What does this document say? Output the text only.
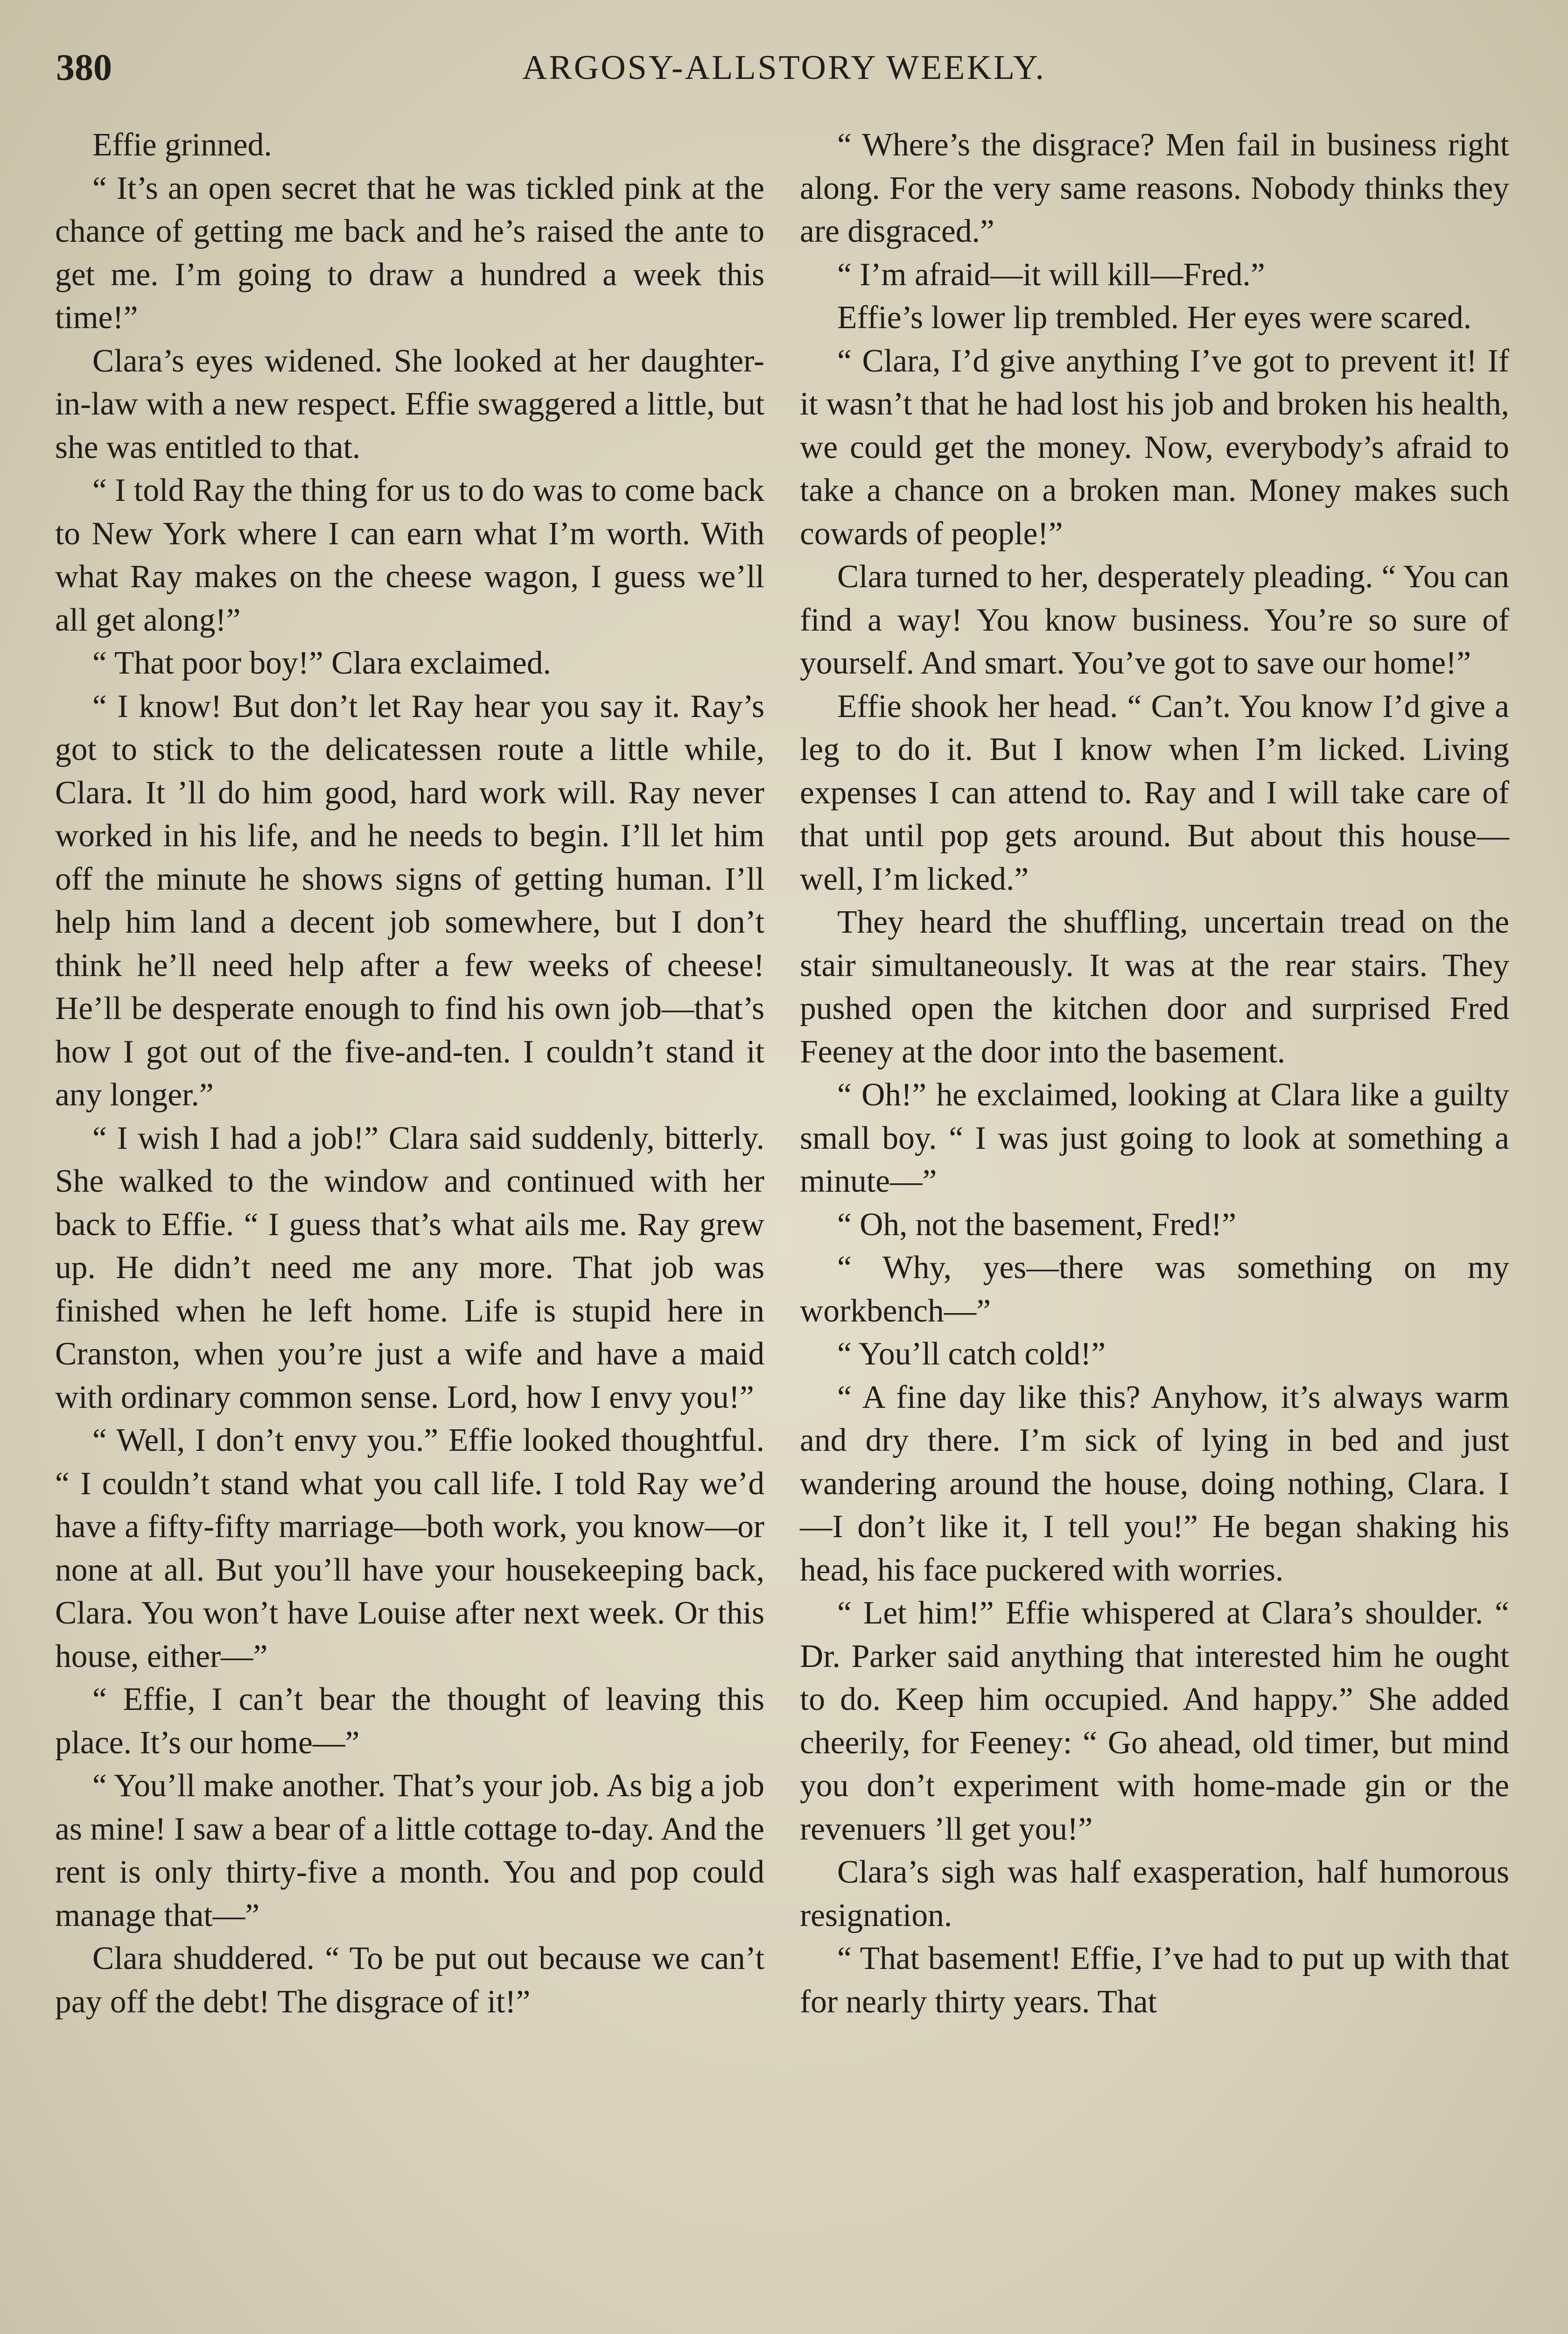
380	ARGOSY-ALLSTORY WEEKLY.

Effie grinned.

“ It’s an open secret that he was tickled pink at the chance of getting me back and he’s raised the ante to get me. I’m going to draw a hundred a week this time!”

Clara’s eyes widened. She looked at her daughter-in-law with a new respect. Effie swaggered a little, but she was entitled to that.

“ I told Ray the thing for us to do was to come back to New York where I can earn what I’m worth. With what Ray makes on the cheese wagon, I guess we’ll all get along!”

“ That poor boy!” Clara exclaimed.

“ I know! But don’t let Ray hear you say it. Ray’s got to stick to the delicatessen route a little while, Clara. It ’ll do him good, hard work will. Ray never worked in his life, and he needs to begin. I’ll let him off the minute he shows signs of getting human. I’ll help him land a decent job somewhere, but I don’t think he’ll need help after a few weeks of cheese! He’ll be desperate enough to find his own job—that’s how I got out of the five-and-ten. I couldn’t stand it any longer.”

“ I wish I had a job!” Clara said suddenly, bitterly. She walked to the window and continued with her back to Effie. “ I guess that’s what ails me. Ray grew up. He didn’t need me any more. That job was finished when he left home. Life is stupid here in Cranston, when you’re just a wife and have a maid with ordinary common sense. Lord, how I envy you!”

“ Well, I don’t envy you.” Effie looked thoughtful. “ I couldn’t stand what you call life. I told Ray we’d have a fifty-fifty marriage—both work, you know—or none at all. But you’ll have your housekeeping back, Clara. You won’t have Louise after next week. Or this house, either—”

“ Effie, I can’t bear the thought of leaving this place. It’s our home—”

“ You’ll make another. That’s your job. As big a job as mine! I saw a bear of a little cottage to-day. And the rent is only thirty-five a month. You and pop could manage that—”

Clara shuddered. “ To be put out because we can’t pay off the debt! The disgrace of it!”

“ Where’s the disgrace? Men fail in business right along. For the very same reasons. Nobody thinks they are disgraced.”

“ I’m afraid—it will kill—Fred.”

Effie’s lower lip trembled. Her eyes were scared.

“ Clara, I’d give anything I’ve got to prevent it! If it wasn’t that he had lost his job and broken his health, we could get the money. Now, everybody’s afraid to take a chance on a broken man. Money makes such cowards of people!”

Clara turned to her, desperately pleading. “ You can find a way! You know business. You’re so sure of yourself. And smart. You’ve got to save our home!”

Effie shook her head. “ Can’t. You know I’d give a leg to do it. But I know when I’m licked. Living expenses I can attend to. Ray and I will take care of that until pop gets around. But about this house—well, I’m licked.”

They heard the shuffling, uncertain tread on the stair simultaneously. It was at the rear stairs. They pushed open the kitchen door and surprised Fred Feeney at the door into the basement.

“ Oh!” he exclaimed, looking at Clara like a guilty small boy. “ I was just going to look at something a minute—”

“ Oh, not the basement, Fred!”

“ Why, yes—there was something on my workbench—”

“ You’ll catch cold!”

“ A fine day like this? Anyhow, it’s always warm and dry there. I’m sick of lying in bed and just wandering around the house, doing nothing, Clara. I—I don’t like it, I tell you!” He began shaking his head, his face puckered with worries.

“ Let him!” Effie whispered at Clara’s shoulder. “ Dr. Parker said anything that interested him he ought to do. Keep him occupied. And happy.” She added cheerily, for Feeney: “ Go ahead, old timer, but mind you don’t experiment with home-made gin or the revenuers ’ll get you!”

Clara’s sigh was half exasperation, half humorous resignation.

“ That basement! Effie, I’ve had to put up with that for nearly thirty years. That
